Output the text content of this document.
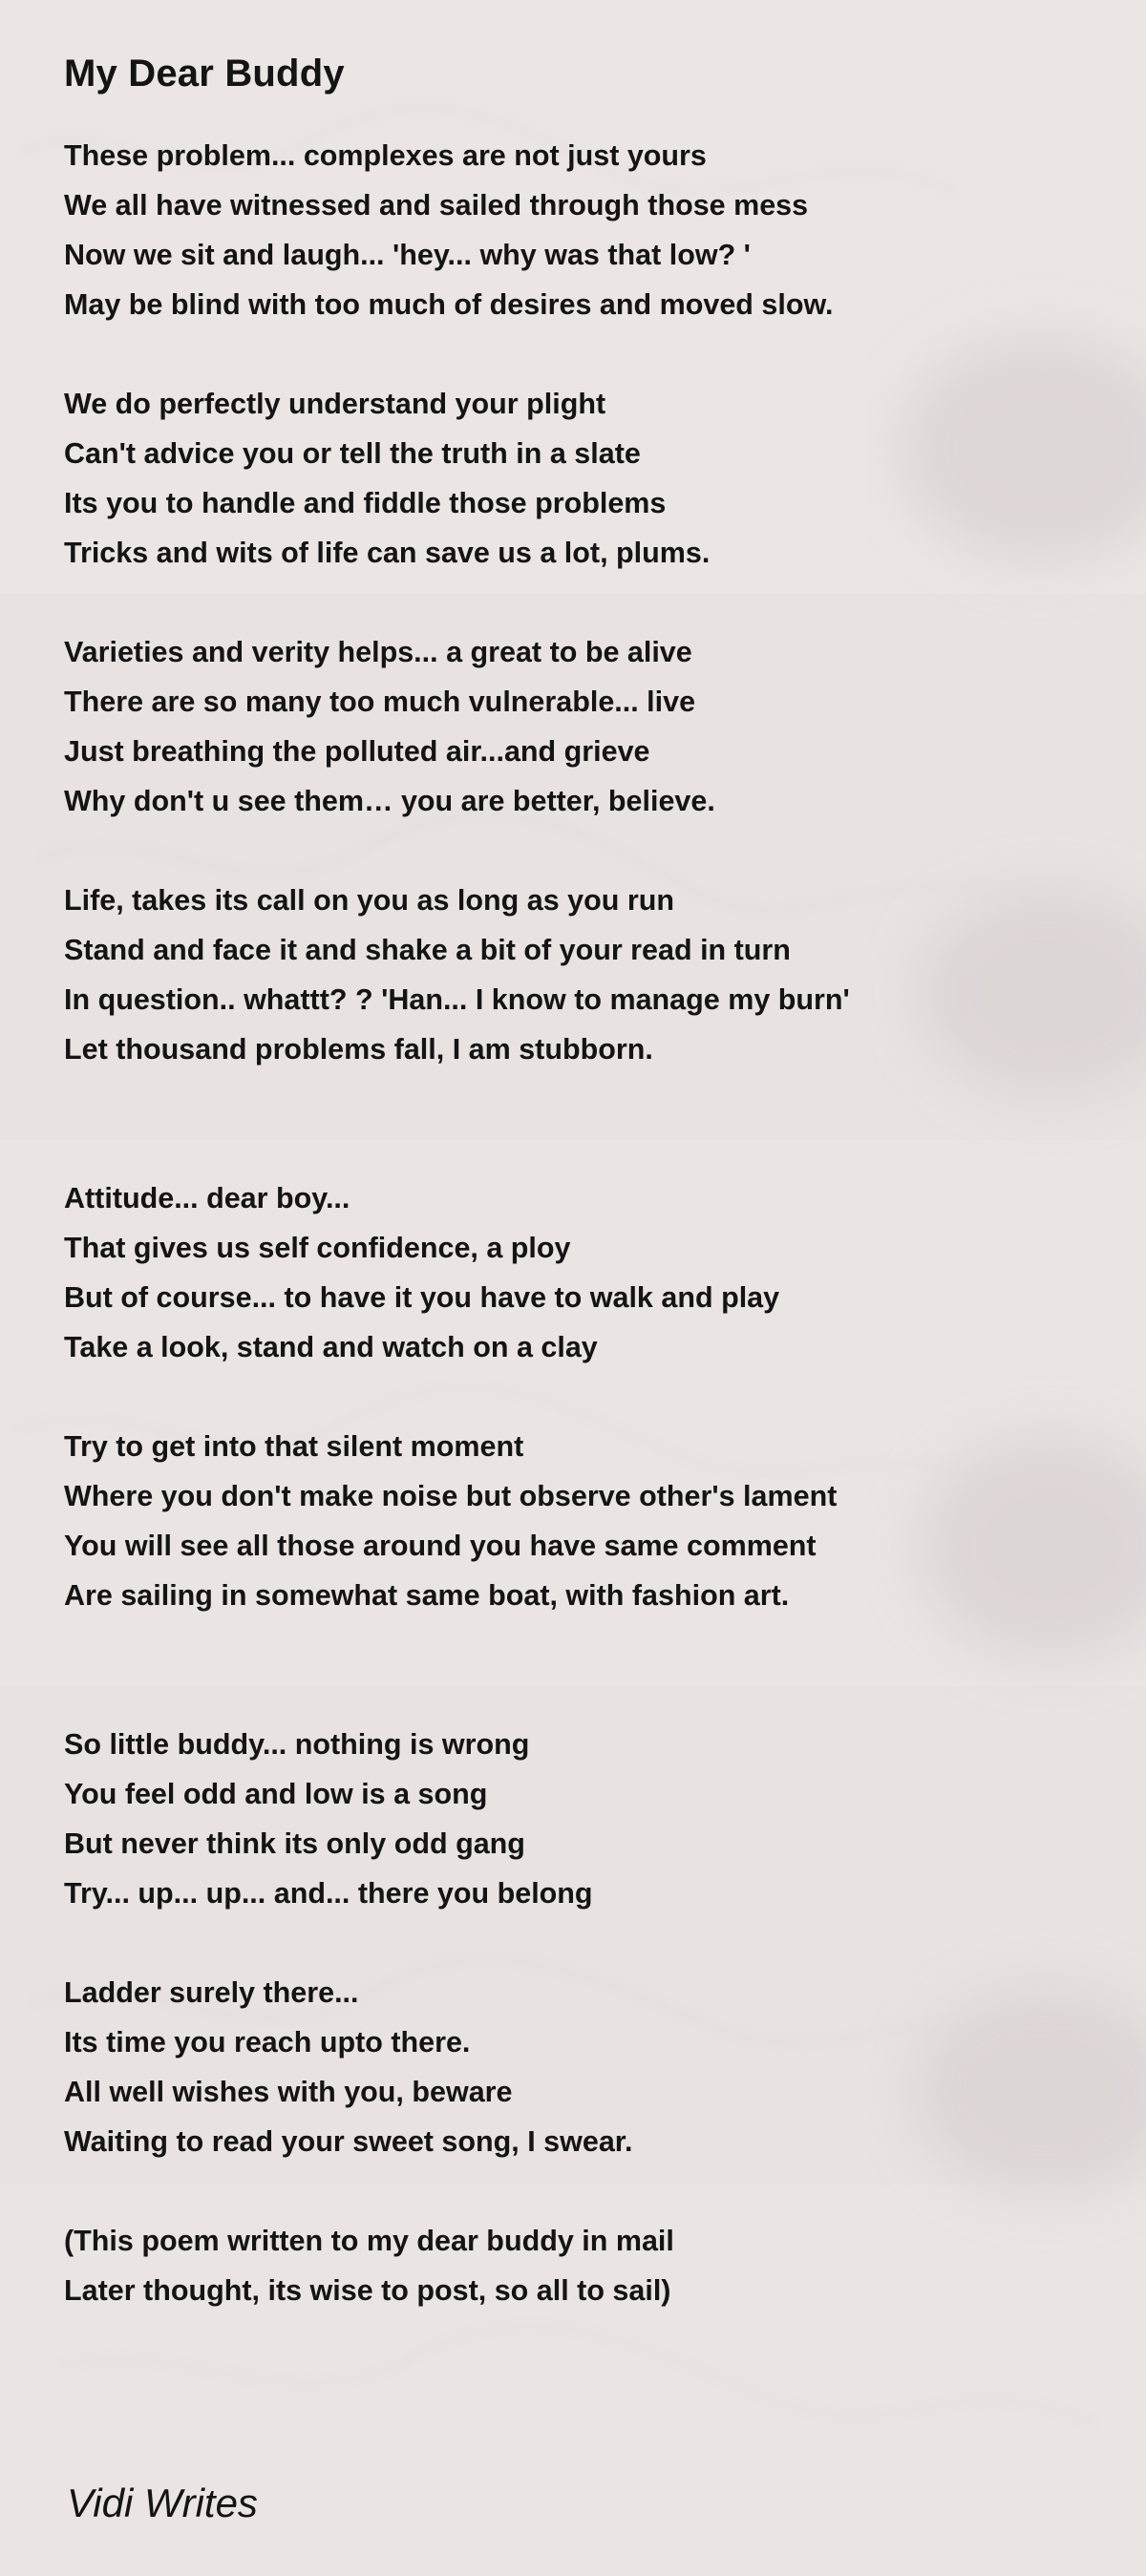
My Dear Buddy
These problem... complexes are not just yours
We all have witnessed and sailed through those mess
Now we sit and laugh... 'hey... why was that low? '
May be blind with too much of desires and moved slow.
We do perfectly understand your plight
Can't advice you or tell the truth in a slate
Its you to handle and fiddle those problems
Tricks and wits of life can save us a lot, plums.
Varieties and verity helps... a great to be alive
There are so many too much vulnerable... live
Just breathing the polluted air...and grieve
Why don't u see them… you are better, believe.
Life, takes its call on you as long as you run
Stand and face it and shake a bit of your read in turn
In question.. whattt? ? 'Han... I know to manage my burn'
Let thousand problems fall, I am stubborn.
Attitude... dear boy...
That gives us self confidence, a ploy
But of course... to have it you have to walk and play
Take a look, stand and watch on a clay
Try to get into that silent moment
Where you don't make noise but observe other's lament
You will see all those around you have same comment
Are sailing in somewhat same boat, with fashion art.
So little buddy... nothing is wrong
You feel odd and low is a song
But never think its only odd gang
Try... up... up... and... there you belong
Ladder surely there...
Its time you reach upto there.
All well wishes with you, beware
Waiting to read your sweet song, I swear.
(This poem written to my dear buddy in mail
Later thought, its wise to post, so all to sail)
Vidi Writes
